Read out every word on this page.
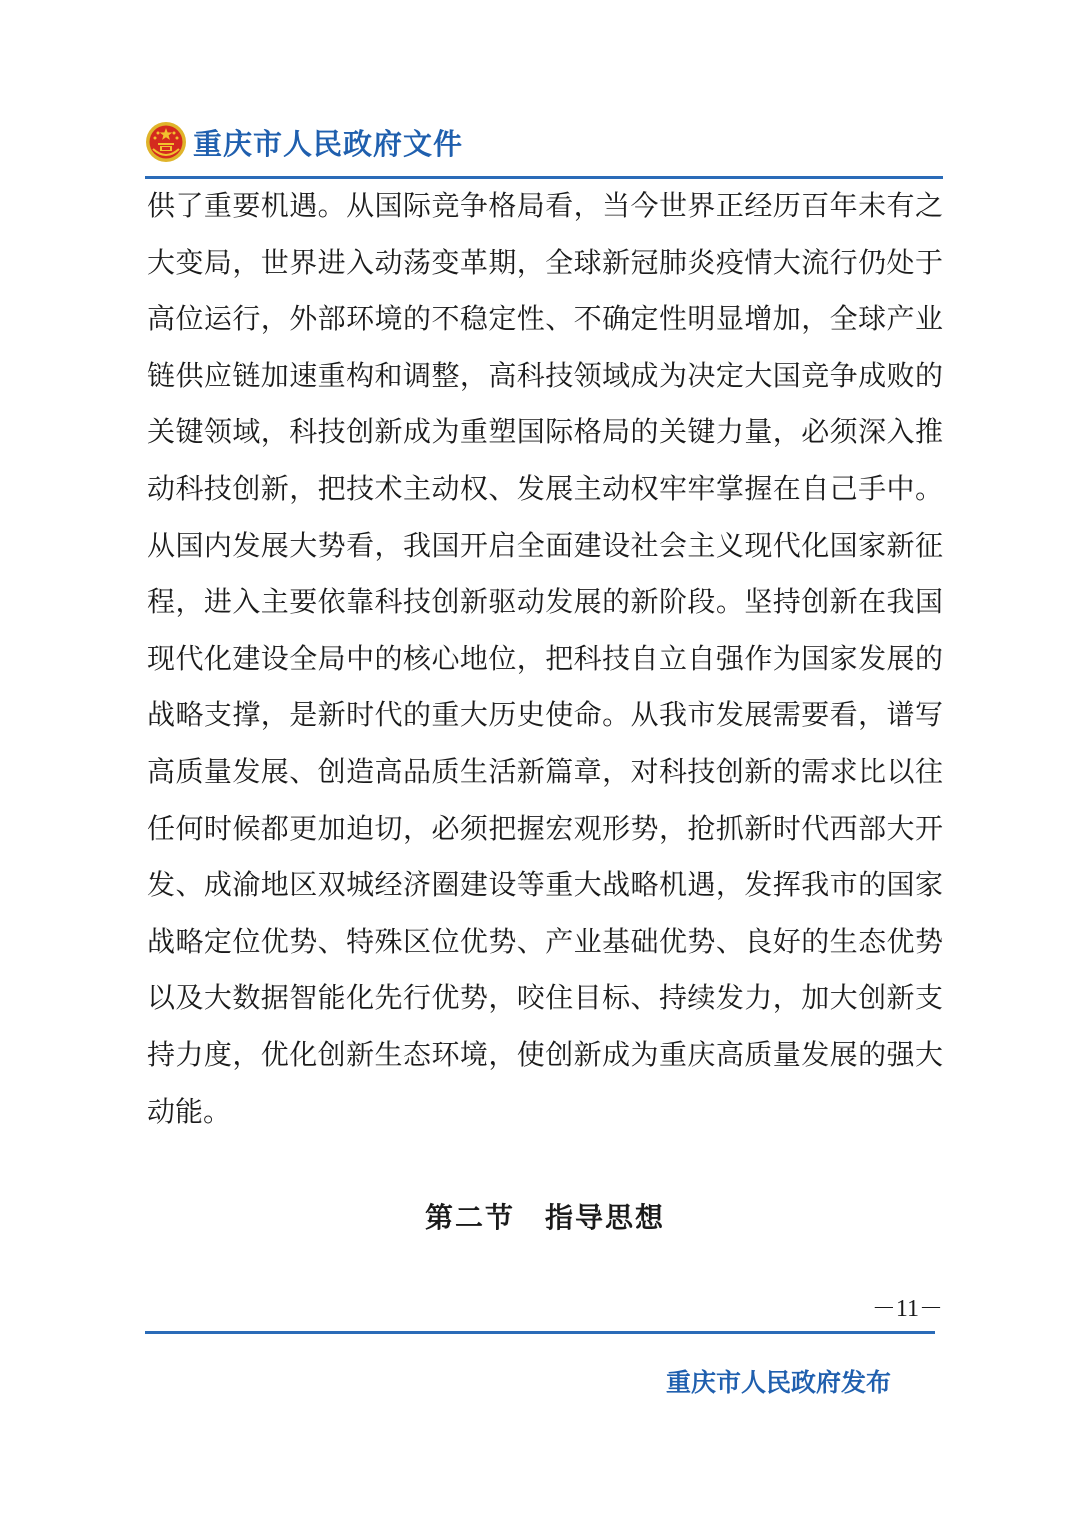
重庆市人民政府文件
供了重要机遇。从国际竞争格局看，当今世界正经历百年未有之
大变局，世界进入动荡变革期，全球新冠肺炎疫情大流行仍处于
高位运行，外部环境的不稳定性、不确定性明显增加，全球产业
链供应链加速重构和调整，高科技领域成为决定大国竞争成败的
关键领域，科技创新成为重塑国际格局的关键力量，必须深入推
动科技创新，把技术主动权、发展主动权牢牢掌握在自己手中。
从国内发展大势看，我国开启全面建设社会主义现代化国家新征
程，进入主要依靠科技创新驱动发展的新阶段。坚持创新在我国
现代化建设全局中的核心地位，把科技自立自强作为国家发展的
战略支撑，是新时代的重大历史使命。从我市发展需要看，谱写
高质量发展、创造高品质生活新篇章，对科技创新的需求比以往
任何时候都更加迫切，必须把握宏观形势，抢抓新时代西部大开
发、成渝地区双城经济圈建设等重大战略机遇，发挥我市的国家
战略定位优势、特殊区位优势、产业基础优势、良好的生态优势
以及大数据智能化先行优势，咬住目标、持续发力，加大创新支
持力度，优化创新生态环境，使创新成为重庆高质量发展的强大
动能。
第二节　指导思想
－11－
重庆市人民政府发布
